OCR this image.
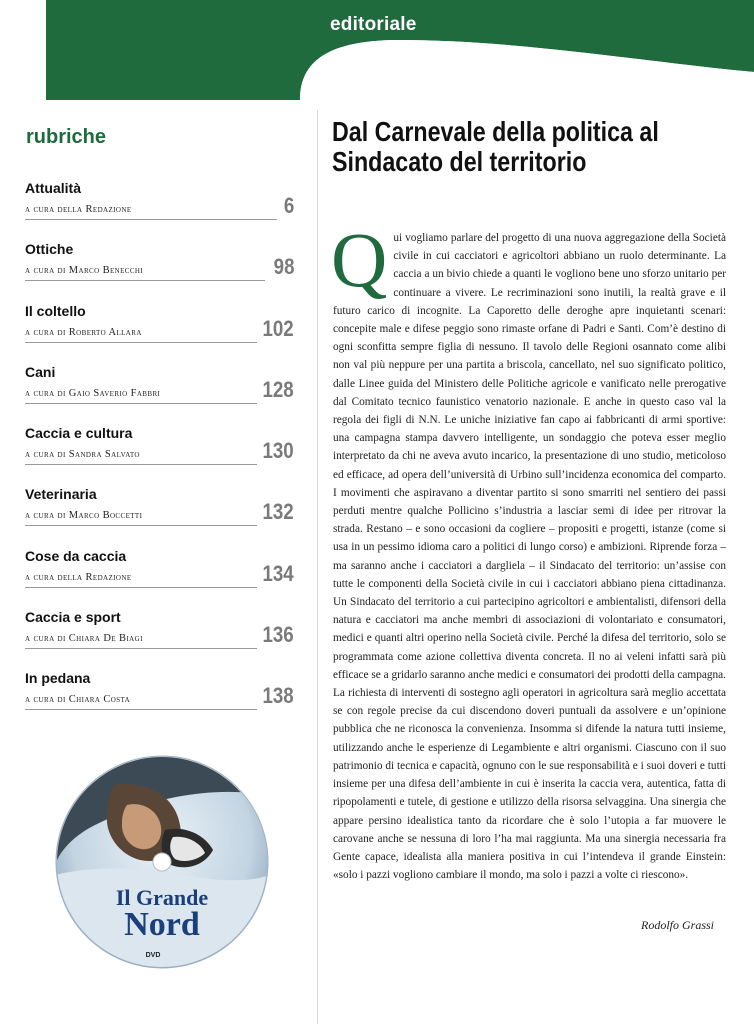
editoriale
rubriche
Attualità
a cura della Redazione	6
Ottiche
a cura di Marco Benecchi	98
Il coltello
a cura di Roberto Allara	102
Cani
a cura di Gaio Saverio Fabbri	128
Caccia e cultura
a cura di Sandra Salvato	130
Veterinaria
a cura di Marco Boccetti	132
Cose da caccia
a cura della Redazione	134
Caccia e sport
a cura di Chiara De Biagi	136
In pedana
a cura di Chiara Costa	138
Il Grande
Nord
DVD
Dal Carnevale della politica al Sindacato del territorio
Qui vogliamo parlare del progetto di una nuova aggregazione della Società civile in cui cacciatori e agricoltori abbiano un ruolo determinante. La caccia a un bivio chiede a quanti le vogliono bene uno sforzo unitario per continuare a vivere. Le recriminazioni sono inutili, la realtà grave e il futuro carico di incognite. La Caporetto delle deroghe apre inquietanti scenari: concepite male e difese peggio sono rimaste orfane di Padri e Santi. Com’è destino di ogni sconfitta sempre figlia di nessuno. Il tavolo delle Regioni osannato come alibi non val più neppure per una partita a briscola, cancellato, nel suo significato politico, dalle Linee guida del Ministero delle Politiche agricole e vanificato nelle prerogative dal Comitato tecnico faunistico venatorio nazionale. E anche in questo caso val la regola dei figli di N.N. Le uniche iniziative fan capo ai fabbricanti di armi sportive: una campagna stampa davvero intelligente, un sondaggio che poteva esser meglio interpretato da chi ne aveva avuto incarico, la presentazione di uno studio, meticoloso ed efficace, ad opera dell’università di Urbino sull’incidenza economica del comparto. I movimenti che aspiravano a diventar partito si sono smarriti nel sentiero dei passi perduti mentre qualche Pollicino s’industria a lasciar semi di idee per ritrovar la strada. Restano – e sono occasioni da cogliere – propositi e progetti, istanze (come si usa in un pessimo idioma caro a politici di lungo corso) e ambizioni. Riprende forza – ma saranno anche i cacciatori a dargliela – il Sindacato del territorio: un’assise con tutte le componenti della Società civile in cui i cacciatori abbiano piena cittadinanza. Un Sindacato del territorio a cui partecipino agricoltori e ambientalisti, difensori della natura e cacciatori ma anche membri di associazioni di volontariato e consumatori, medici e quanti altri operino nella Società civile. Perché la difesa del territorio, solo se programmata come azione collettiva diventa concreta. Il no ai veleni infatti sarà più efficace se a gridarlo saranno anche medici e consumatori dei prodotti della campagna. La richiesta di interventi di sostegno agli operatori in agricoltura sarà meglio accettata se con regole precise da cui discendono doveri puntuali da assolvere e un’opinione pubblica che ne riconosca la convenienza. Insomma si difende la natura tutti insieme, utilizzando anche le esperienze di Legambiente e altri organismi. Ciascuno con il suo patrimonio di tecnica e capacità, ognuno con le sue responsabilità e i suoi doveri e tutti insieme per una difesa dell’ambiente in cui è inserita la caccia vera, autentica, fatta di ripopolamenti e tutele, di gestione e utilizzo della risorsa selvaggina. Una sinergia che appare persino idealistica tanto da ricordare che è solo l’utopia a far muovere le carovane anche se nessuna di loro l’ha mai raggiunta. Ma una sinergia necessaria fra Gente capace, idealista alla maniera positiva in cui l’intendeva il grande Einstein: «solo i pazzi vogliono cambiare il mondo, ma solo i pazzi a volte ci riescono».
Rodolfo Grassi
